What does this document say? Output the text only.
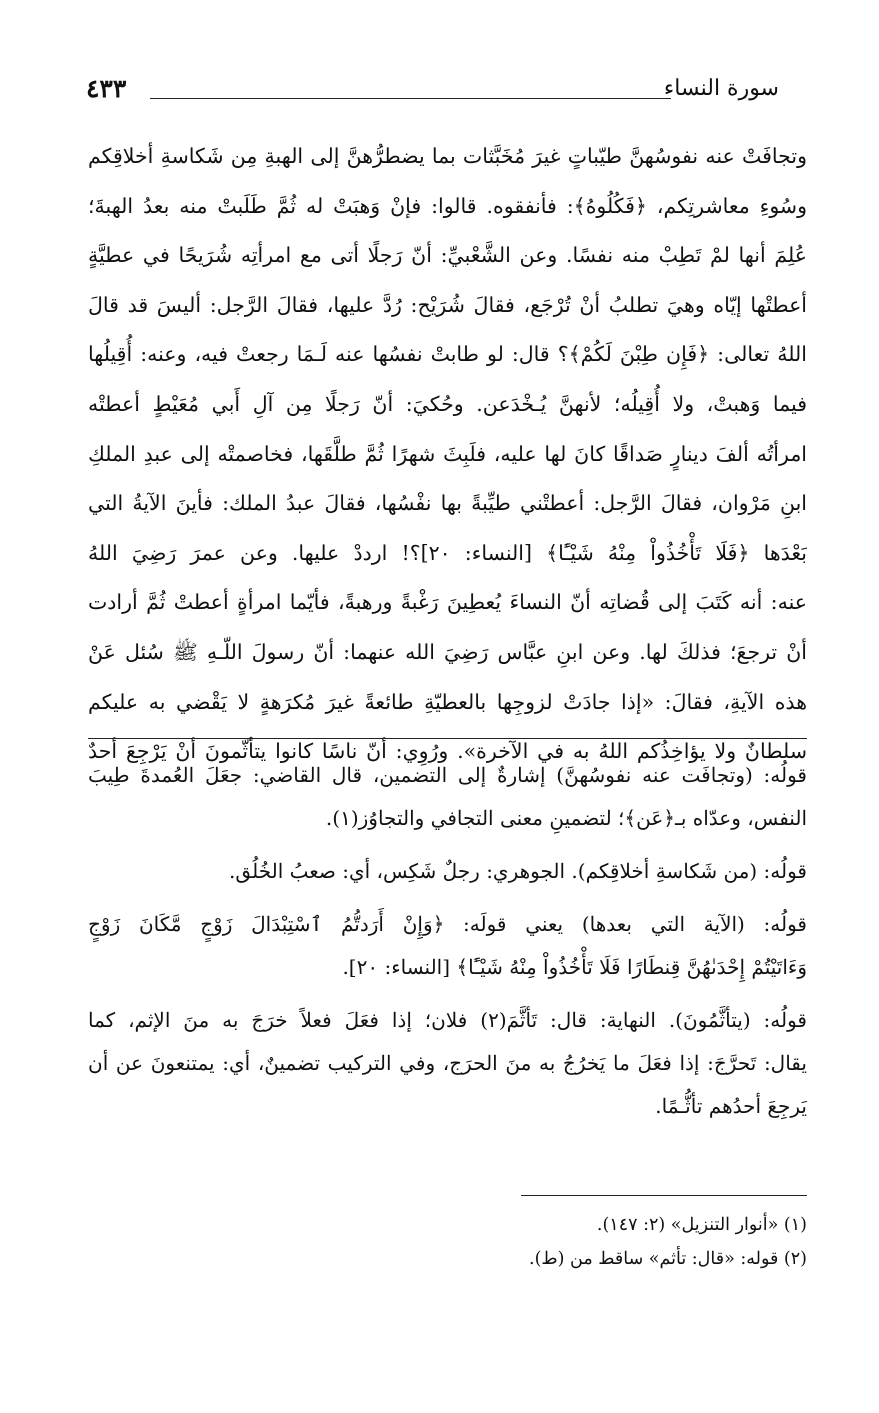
سورة النساء
٤٣٣
وتجافَتْ عنه نفوسُهنَّ طيّباتٍ غيرَ مُخَبَّثات بما يضطرُّهنَّ إلى الهبةِ مِن شَكاسةِ أخلاقِكم
وسُوءِ معاشرتِكم، ﴿فَكُلُوهُ﴾: فأنفقوه. قالوا: فإنْ وَهبَتْ له ثُمَّ طَلَبتْ منه بعدُ الهبةَ؛
عُلِمَ أنها لمْ تَطِبْ منه نفسًا. وعن الشَّعْبيِّ: أنّ رَجلًا أتى مع امرأتِه شُرَيحًا في عطيَّةٍ
أعطتْها إيّاه وهيَ تطلبُ أنْ تُرْجَع، فقالَ شُرَيْح: رُدَّ عليها، فقالَ الرَّجل: أليسَ قد قالَ
اللهُ تعالى: ﴿فَإِن طِبْنَ لَكُمْ﴾؟ قال: لو طابتْ نفسُها عنه لَـمَا رجعتْ فيه، وعنه: أُقِيلُها
فيما وَهبتْ، ولا أُقِيلُه؛ لأنهنَّ يُـخْدَعن. وحُكيَ: أنّ رَجلًا مِن آلِ أَبي مُعَيْطٍ أعطتْه
امرأتُه ألفَ دينارٍ صَداقًا كانَ لها عليه، فلَبِثَ شهرًا ثُمَّ طلَّقَها، فخاصمتْه إلى عبدِ الملكِ
ابنِ مَرْوان، فقالَ الرَّجل: أعطتْني طيِّبةً بها نفْسُها، فقالَ عبدُ الملك: فأينَ الآيةُ التي
بَعْدَها ﴿فَلَا تَأْخُذُواْ مِنْهُ شَيْـًٔا﴾ [النساء: ٢٠]؟! ارددْ عليها. وعن عمرَ رَضِيَ اللهُ
عنه: أنه كَتَبَ إلى قُضاتِه أنّ النساءَ يُعطِينَ رَغْبةً ورهبةً، فأيّما امرأةٍ أعطتْ ثُمَّ أرادت
أنْ ترجعَ؛ فذلكَ لها. وعن ابنِ عبَّاس رَضِيَ الله عنهما: أنّ رسولَ اللّـهِ ﷺ سُئل عَنْ
هذه الآيةِ، فقالَ: «إذا جادَتْ لزوجِها بالعطيّةِ طائعةً غيرَ مُكرَهةٍ لا يَقْضي به عليكم
سلطانٌ ولا يؤاخِذُكم اللهُ به في الآخرة». ورُوِي: أنّ ناسًا كانوا يتأثّمونَ أنْ يَرْجِعَ أحدٌ
قولُه: (وتجافَت عنه نفوسُهنَّ) إشارةٌ إلى التضمين، قال القاضي: جعَلَ العُمدةَ طِيبَ
النفس، وعدّاه بـ﴿عَن﴾؛ لتضمينِ معنى التجافي والتجاوُز(١).
قولُه: (من شَكاسةِ أخلاقِكم). الجوهري: رجلٌ شَكِس، أي: صعبُ الخُلُق.
قولُه: (الآية التي بعدها) يعني قولَه: ﴿وَإِنْ أَرَدتُّمُ ٱسْتِبْدَالَ زَوْجٍ مَّكَانَ زَوْجٍ
وَءَاتَيْتُمْ إِحْدَىٰهُنَّ قِنطَارًا فَلَا تَأْخُذُواْ مِنْهُ شَيْـًٔا﴾ [النساء: ٢٠].
قولُه: (يتأثَّمُونَ). النهاية: قال: تَأثَّمَ(٢) فلان؛ إذا فعَلَ فعلاً خرَجَ به منَ الإثم، كما
يقال: تَحرَّجَ: إذا فعَلَ ما يَخرُجُ به منَ الحرَج، وفي التركيب تضمينٌ، أي: يمتنعونَ عن أن
يَرجِعَ أحدُهم تأثُّـمًا.
(١) «أنوار التنزيل» (٢: ١٤٧).
(٢) قوله: «قال: تأثم» ساقط من (ط).
